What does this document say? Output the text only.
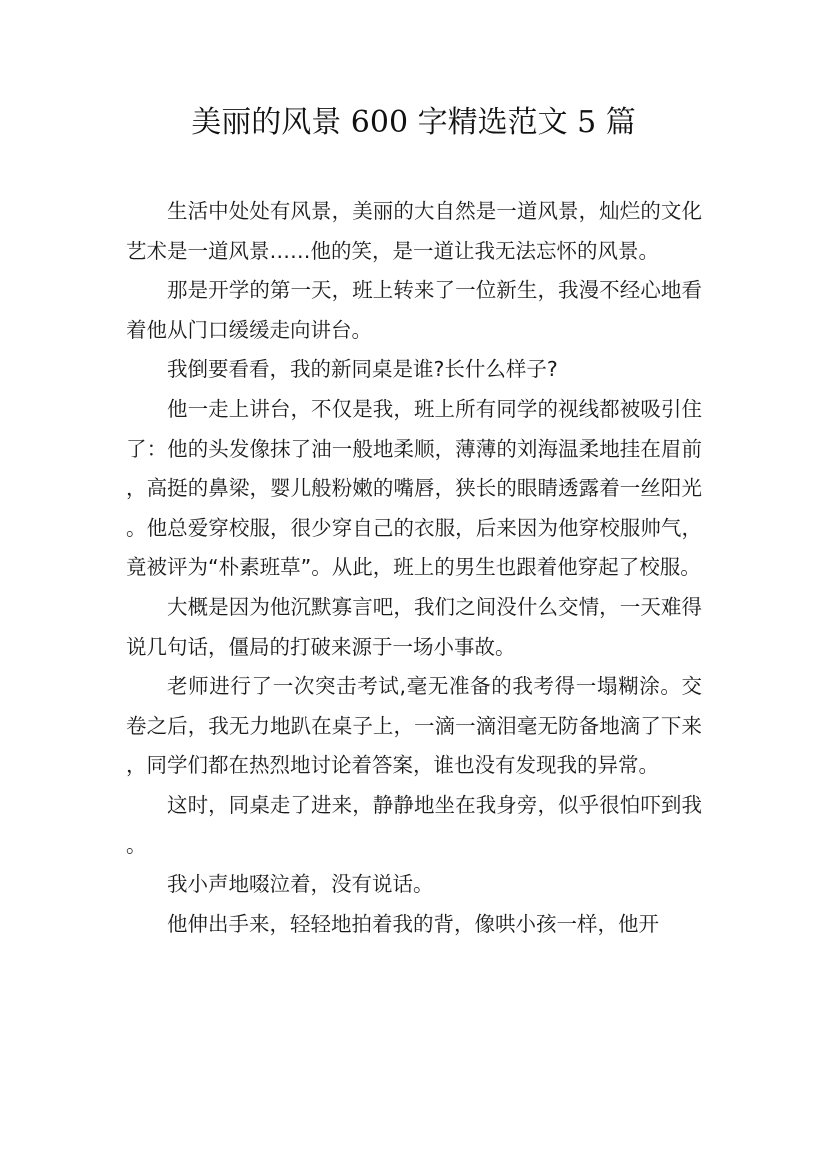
美丽的风景 600 字精选范文 5 篇

生活中处处有风景，美丽的大自然是一道风景，灿烂的文化艺术是一道风景……他的笑，是一道让我无法忘怀的风景。

那是开学的第一天，班上转来了一位新生，我漫不经心地看着他从门口缓缓走向讲台。

我倒要看看，我的新同桌是谁?长什么样子?

他一走上讲台，不仅是我，班上所有同学的视线都被吸引住了：他的头发像抹了油一般地柔顺，薄薄的刘海温柔地挂在眉前，高挺的鼻梁，婴儿般粉嫩的嘴唇，狭长的眼睛透露着一丝阳光。他总爱穿校服，很少穿自己的衣服，后来因为他穿校服帅气，竟被评为“朴素班草”。从此，班上的男生也跟着他穿起了校服。

大概是因为他沉默寡言吧，我们之间没什么交情，一天难得说几句话，僵局的打破来源于一场小事故。

老师进行了一次突击考试,毫无准备的我考得一塌糊涂。交卷之后，我无力地趴在桌子上，一滴一滴泪毫无防备地滴了下来，同学们都在热烈地讨论着答案，谁也没有发现我的异常。

这时，同桌走了进来，静静地坐在我身旁，似乎很怕吓到我。

我小声地啜泣着，没有说话。

他伸出手来，轻轻地拍着我的背，像哄小孩一样，他开
